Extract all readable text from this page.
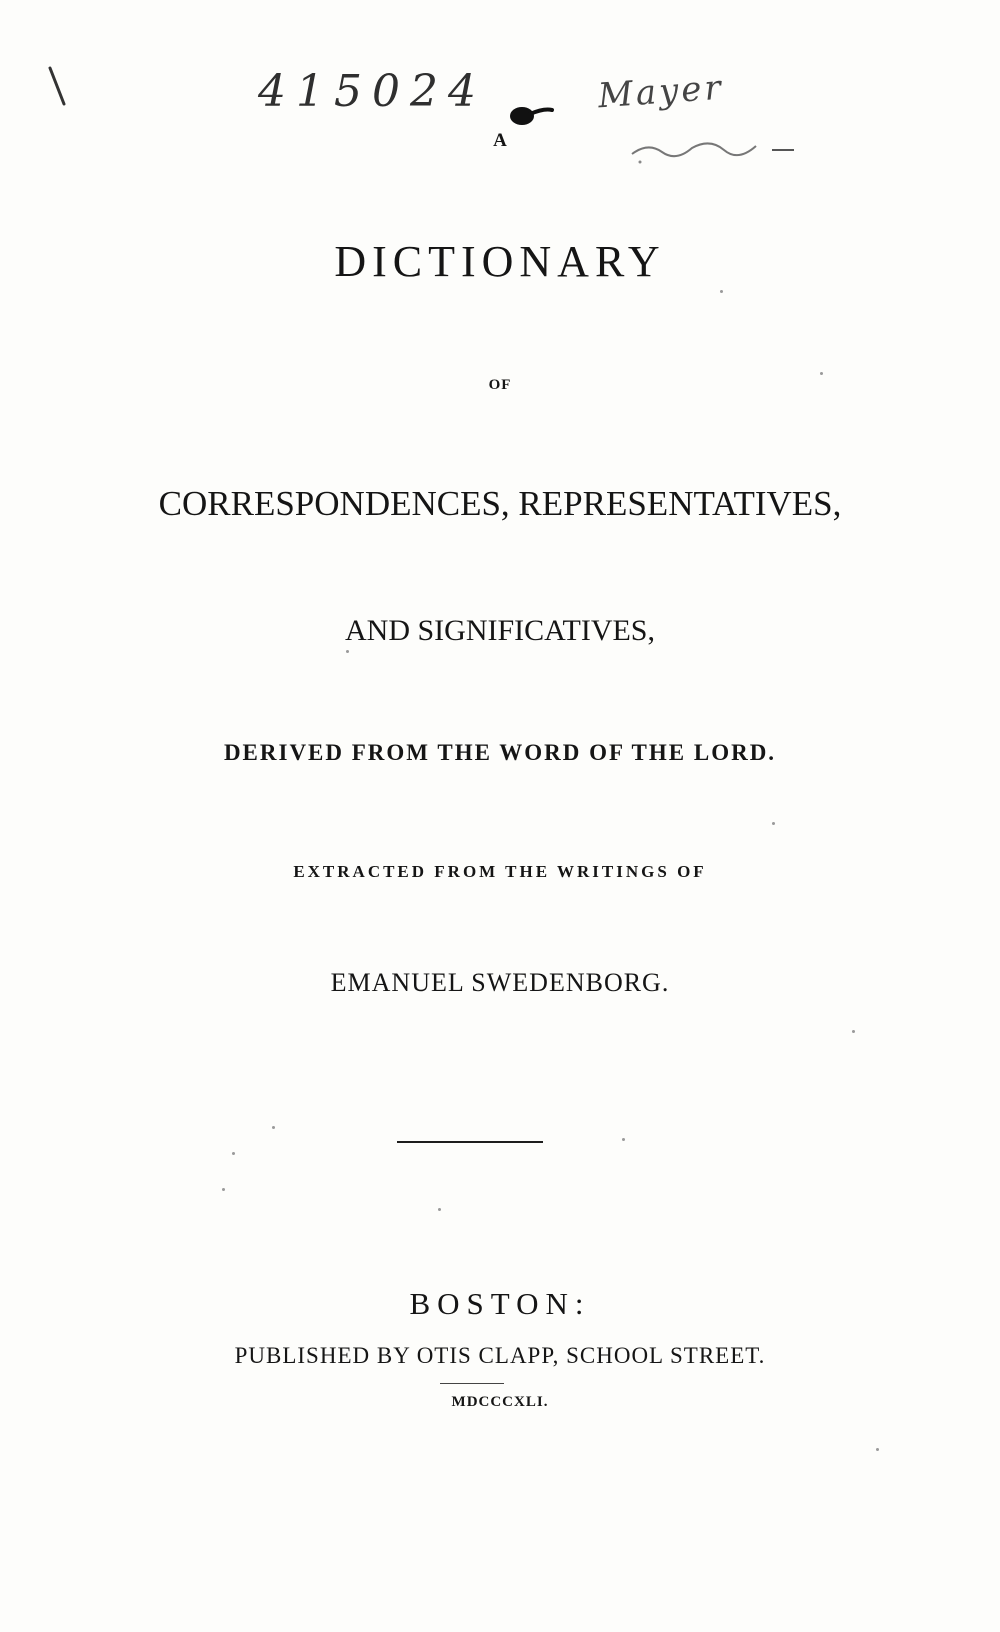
415024	Mayer
A
DICTIONARY
OF
CORRESPONDENCES, REPRESENTATIVES,
AND SIGNIFICATIVES,
DERIVED FROM THE WORD OF THE LORD.
EXTRACTED FROM THE WRITINGS OF
EMANUEL SWEDENBORG.
BOSTON:
PUBLISHED BY OTIS CLAPP, SCHOOL STREET.
MDCCCXLI.
